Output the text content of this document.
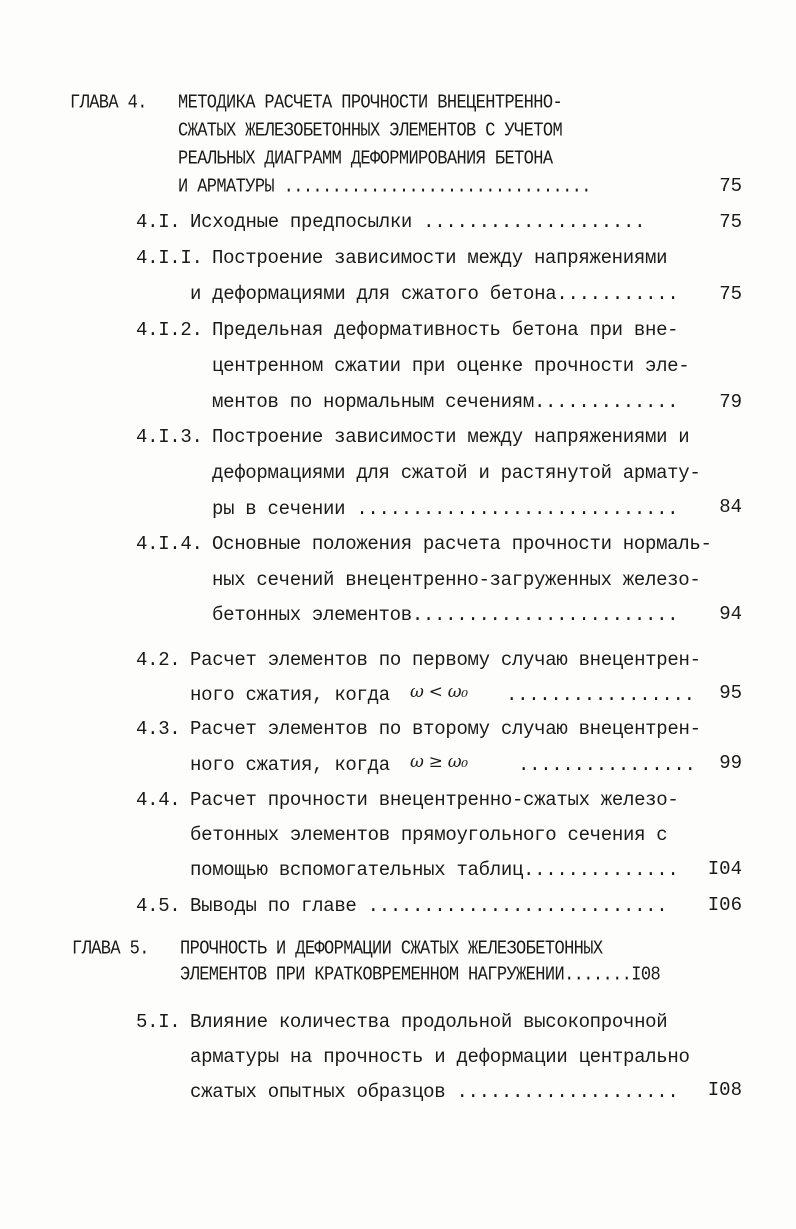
ГЛАВА 4. МЕТОДИКА РАСЧЕТА ПРОЧНОСТИ ВНЕЦЕНТРЕННО-
СЖАТЫХ ЖЕЛЕЗОБЕТОННЫХ ЭЛЕМЕНТОВ С УЧЕТОМ
РЕАЛЬНЫХ ДИАГРАММ ДЕФОРМИРОВАНИЯ БЕТОНА
И АРМАТУРЫ ................................	75
4.I. Исходные предпосылки ....................	75
4.I.I. Построение зависимости между напряжениями
и деформациями для сжатого бетона........... 75
4.I.2. Предельная деформативность бетона при вне-
центренном сжатии при оценке прочности эле-
ментов по нормальным сечениям............. 79
4.I.3. Построение зависимости между напряжениями и
деформациями для сжатой и растянутой армату-
ры в сечении ............................. 84
4.I.4. Основные положения расчета прочности нормаль-
ных сечений внецентренно-загруженных железо-
бетонных элементов........................ 94
4.2. Расчет элементов по первому случаю внецентрен-
ного сжатия, когда ω < ω₀ ................. 95
4.3. Расчет элементов по второму случаю внецентрен-
ного сжатия, когда ω ≥ ω₀	................ 99
4.4. Расчет прочности внецентренно-сжатых железо-
бетонных элементов прямоугольного сечения с
помощью вспомогательных таблиц.............. I04
4.5. Выводы по главе ........................... I06
ГЛАВА 5. ПРОЧНОСТЬ И ДЕФОРМАЦИИ СЖАТЫХ ЖЕЛЕЗОБЕТОННЫХ
ЭЛЕМЕНТОВ ПРИ КРАТКОВРЕМЕННОМ НАГРУЖЕНИИ.......I08
5.I. Влияние количества продольной высокопрочной
арматуры на прочность и деформации центрально
сжатых опытных образцов .................... I08
